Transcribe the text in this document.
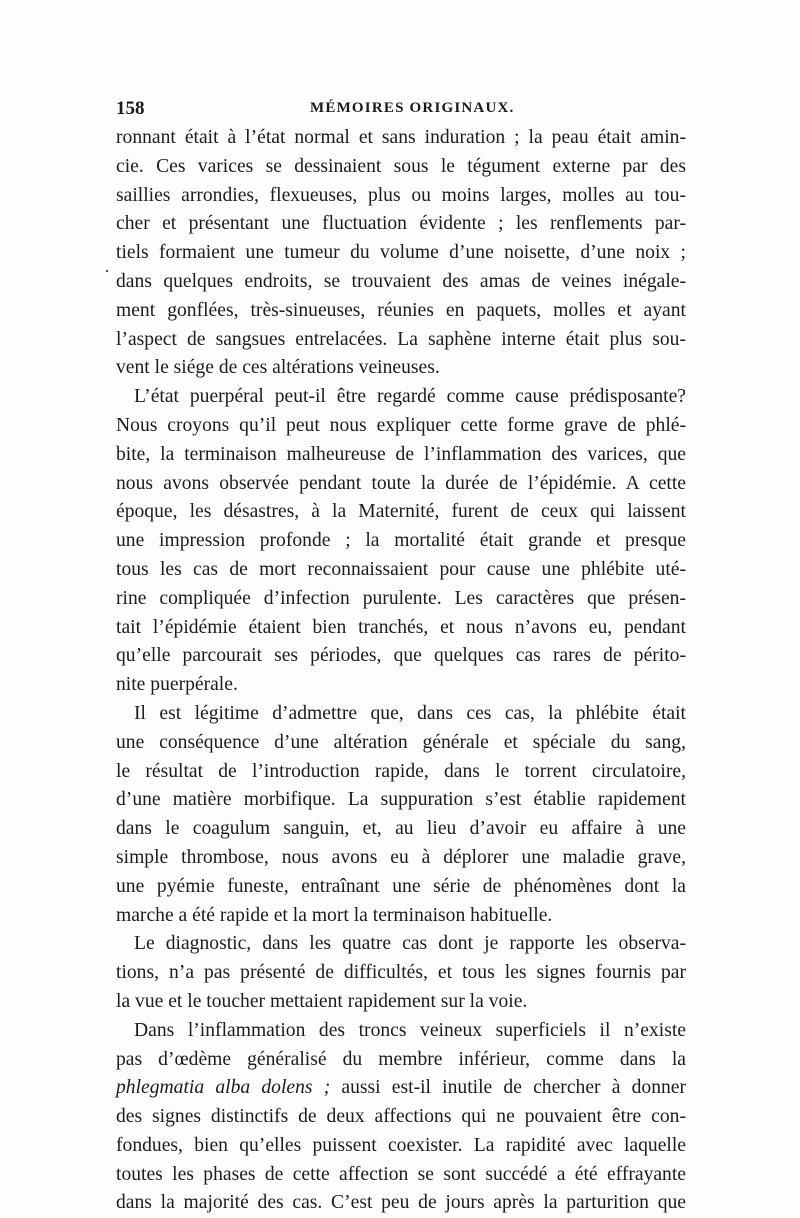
158	MÉMOIRES ORIGINAUX.
·
ronnant était à l’état normal et sans induration ; la peau était amin-
cie. Ces varices se dessinaient sous le tégument externe par des
saillies arrondies, flexueuses, plus ou moins larges, molles au tou-
cher et présentant une fluctuation évidente ; les renflements par-
tiels formaient une tumeur du volume d’une noisette, d’une noix ;
dans quelques endroits, se trouvaient des amas de veines inégale-
ment gonflées, très-sinueuses, réunies en paquets, molles et ayant
l’aspect de sangsues entrelacées. La saphène interne était plus sou-
vent le siége de ces altérations veineuses.
L’état puerpéral peut-il être regardé comme cause prédisposante?
Nous croyons qu’il peut nous expliquer cette forme grave de phlé-
bite, la terminaison malheureuse de l’inflammation des varices, que
nous avons observée pendant toute la durée de l’épidémie. A cette
époque, les désastres, à la Maternité, furent de ceux qui laissent
une impression profonde ; la mortalité était grande et presque
tous les cas de mort reconnaissaient pour cause une phlébite uté-
rine compliquée d’infection purulente. Les caractères que présen-
tait l’épidémie étaient bien tranchés, et nous n’avons eu, pendant
qu’elle parcourait ses périodes, que quelques cas rares de périto-
nite puerpérale.
Il est légitime d’admettre que, dans ces cas, la phlébite était
une conséquence d’une altération générale et spéciale du sang,
le résultat de l’introduction rapide, dans le torrent circulatoire,
d’une matière morbifique. La suppuration s’est établie rapidement
dans le coagulum sanguin, et, au lieu d’avoir eu affaire à une
simple thrombose, nous avons eu à déplorer une maladie grave,
une pyémie funeste, entraînant une série de phénomènes dont la
marche a été rapide et la mort la terminaison habituelle.
Le diagnostic, dans les quatre cas dont je rapporte les observa-
tions, n’a pas présenté de difficultés, et tous les signes fournis par
la vue et le toucher mettaient rapidement sur la voie.
Dans l’inflammation des troncs veineux superficiels il n’existe
pas d’œdème généralisé du membre inférieur, comme dans la
phlegmatia alba dolens ; aussi est-il inutile de chercher à donner
des signes distinctifs de deux affections qui ne pouvaient être con-
fondues, bien qu’elles puissent coexister. La rapidité avec laquelle
toutes les phases de cette affection se sont succédé a été effrayante
dans la majorité des cas. C’est peu de jours après la parturition que
